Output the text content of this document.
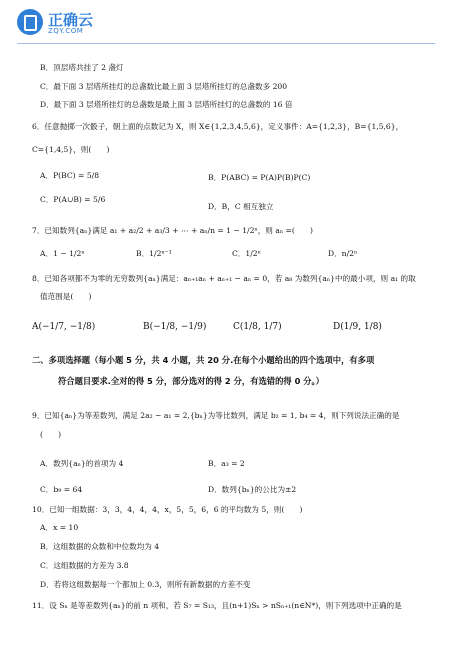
正确云
ZQY.COM
B．顶层塔共挂了 2 盏灯
C．最下面 3 层塔所挂灯的总盏数比最上面 3 层塔所挂灯的总盏数多 200
D．最下面 3 层塔所挂灯的总盏数是最上面 3 层塔所挂灯的总盏数的 16 倍
6．任意抛掷一次骰子，朝上面的点数记为 X，则 X∈{1,2,3,4,5,6}，定义事件：A={1,2,3}，B={1,5,6}，
C={1,4,5}，则(　　)
A．P(BC) = 5/8	B．P(ABC) = P(A)P(B)P(C)
C．P(A∪B) = 5/6
D．B，C 相互独立
7．已知数列{aₙ}满足 a₁ + a₂/2 + a₃/3 + ⋯ + aₙ/n = 1 − 1/2ⁿ，则 aₙ =(　　)
A．1 − 1/2ⁿ	B．1/2ⁿ⁻¹	C．1/2ⁿ	D．n/2ⁿ
8．已知各项都不为零的无穷数列{aₙ}满足：aₙ₊₁aₙ + aₙ₊₁ − aₙ = 0，若 a₈ 为数列{aₙ}中的最小项，则 a₁ 的取
值范围是(　　)
A(−1/7, −1/8)	B(−1/8, −1/9)	C(1/8, 1/7)	D(1/9, 1/8)
二、多项选择题（每小题 5 分，共 4 小题，共 20 分.在每个小题给出的四个选项中，有多项
符合题目要求.全对的得 5 分，部分选对的得 2 分，有选错的得 0 分。）
9．已知{aₙ}为等差数列，满足 2a₂ − a₁ = 2,{bₙ}为等比数列，满足 b₂ = 1, b₄ = 4，则下列说法正确的是
(　　)
A．数列{aₙ}的首项为 4	B．a₃ = 2
C．b₉ = 64	D．数列{bₙ}的公比为±2
10．已知一组数据：3，3，4，4，4，x，5，5，6，6 的平均数为 5，则(　　)
A．x = 10
B．这组数据的众数和中位数均为 4
C．这组数据的方差为 3.8
D．若将这组数据每一个都加上 0.3，则所有新数据的方差不变
11．设 Sₙ 是等差数列{aₙ}的前 n 项和，若 S₇ = S₁₃，且(n+1)Sₙ > nSₙ₊₁(n∈N*)，则下列选项中正确的是
